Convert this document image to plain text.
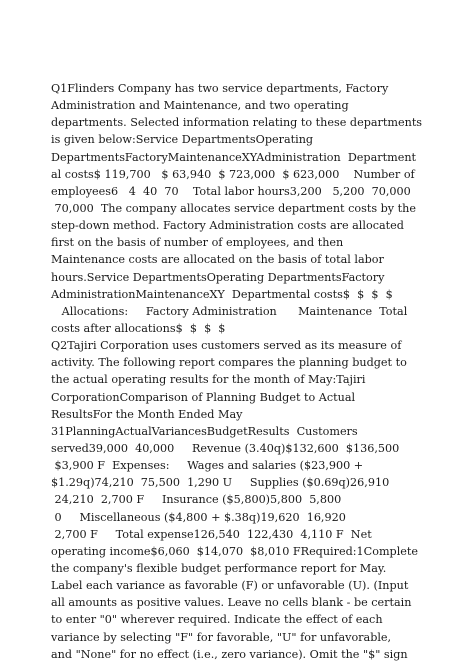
Q1Flinders Company has two service departments, Factory
Administration and Maintenance, and two operating
departments. Selected information relating to these departments
is given below:Service DepartmentsOperating
DepartmentsFactoryMaintenanceXYAdministration  Department
al costs$ 119,700   $ 63,940  $ 723,000  $ 623,000    Number of
employees6   4  40  70    Total labor hours3,200   5,200  70,000
70,000  The company allocates service department costs by the
step-down method. Factory Administration costs are allocated
first on the basis of number of employees, and then
Maintenance costs are allocated on the basis of total labor
hours.Service DepartmentsOperating DepartmentsFactory
AdministrationMaintenanceXY  Departmental costs$  $  $  $
Allocations:     Factory Administration      Maintenance  Total
costs after allocations$  $  $  $
Q2Tajiri Corporation uses customers served as its measure of
activity. The following report compares the planning budget to
the actual operating results for the month of May:Tajiri
CorporationComparison of Planning Budget to Actual
ResultsFor the Month Ended May
31PlanningActualVariancesBudgetResults  Customers
served39,000  40,000     Revenue (3.40q)$132,600  $136,500
$3,900 F  Expenses:     Wages and salaries ($23,900 +
$1.29q)74,210  75,500  1,290 U     Supplies ($0.69q)26,910
24,210  2,700 F     Insurance ($5,800)5,800  5,800
0     Miscellaneous ($4,800 + $.38q)19,620  16,920
2,700 F     Total expense126,540  122,430  4,110 F  Net
operating income$6,060  $14,070  $8,010 FRequired:1Complete
the company's flexible budget performance report for May.
Label each variance as favorable (F) or unfavorable (U). (Input
all amounts as positive values. Leave no cells blank - be certain
to enter "0" wherever required. Indicate the effect of each
variance by selecting "F" for favorable, "U" for unfavorable,
and "None" for no effect (i.e., zero variance). Omit the "$" sign
